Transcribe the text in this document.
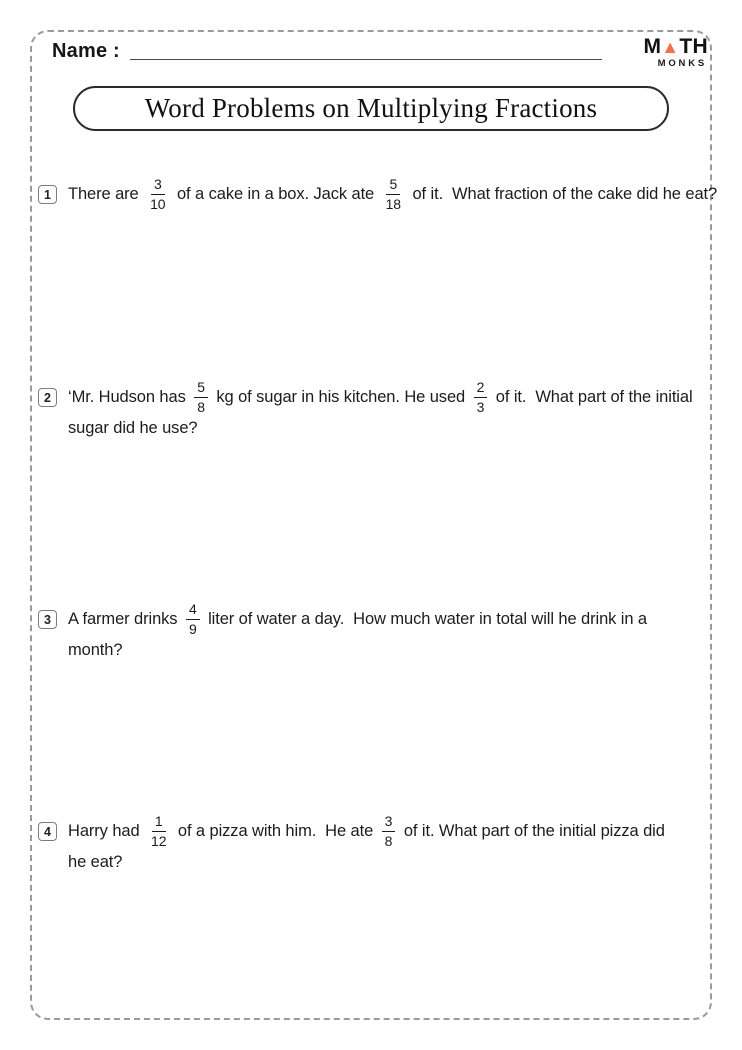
Name :	M▲TH
MONKS
Word Problems on Multiplying Fractions
1	There are $\frac{3}{10}$ of a cake in a box. Jack ate $\frac{5}{18}$ of it.  What fraction of the cake did he eat?
2	‘Mr. Hudson has $\frac{5}{8}$ kg of sugar in his kitchen. He used $\frac{2}{3}$ of it.  What part of the initial
sugar did he use?
3	A farmer drinks $\frac{4}{9}$ liter of water a day.  How much water in total will he drink in a
month?
4	Harry had $\frac{1}{12}$ of a pizza with him.  He ate $\frac{3}{8}$ of it. What part of the initial pizza did
he eat?
